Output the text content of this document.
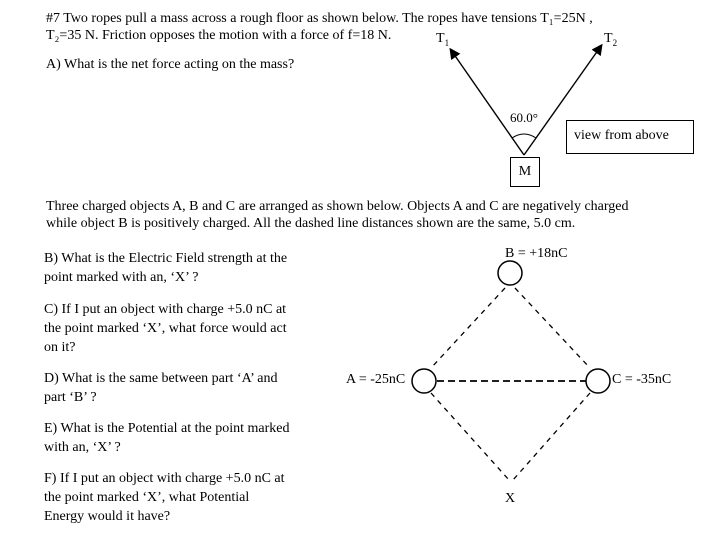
#7 Two ropes pull a mass across a rough floor as shown below. The ropes have tensions T₁=25N ,
T₂=35 N. Friction opposes the motion with a force of f=18 N.
A) What is the net force acting on the mass?
$T_1$	$T_2$
60.0°
M
view from above
Three charged objects A, B and C are arranged as shown below. Objects A and C are negatively charged
while object B is positively charged. All the dashed line distances shown are the same, 5.0 cm.
B) What is the Electric Field strength at the
point marked with an, ‘X’ ?
C) If I put an object with charge +5.0 nC at
the point marked ‘X’, what force would act
on it?
D) What is the same between part ‘A’ and
part ‘B’ ?
E) What is the Potential at the point marked
with an, ‘X’ ?
F) If I put an object with charge +5.0 nC at
the point marked ‘X’, what Potential
Energy would it have?
B = +18nC
A = -25nC	C = -35nC
X
